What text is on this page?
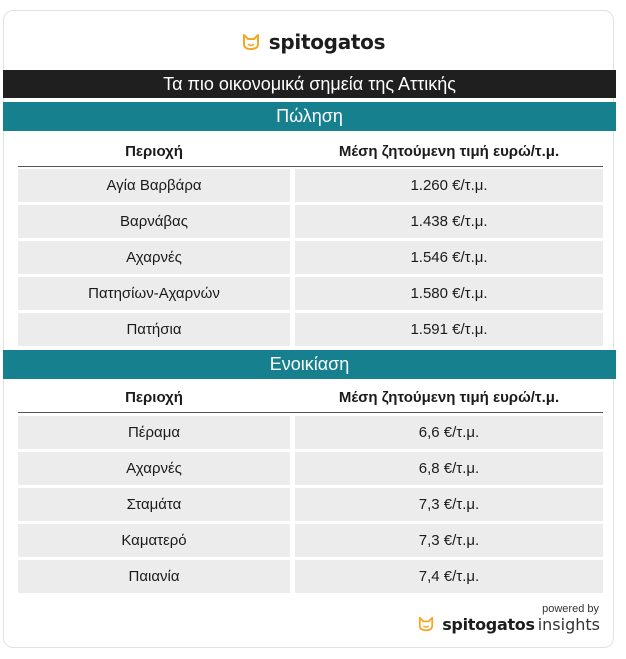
spitogatos
Τα πιο οικονομικά σημεία της Αττικής
Πώληση
Περιοχή	Μέση ζητούμενη τιμή ευρώ/τ.μ.
Αγία Βαρβάρα	1.260 €/τ.μ.
Βαρνάβας	1.438 €/τ.μ.
Αχαρνές	1.546 €/τ.μ.
Πατησίων-Αχαρνών	1.580 €/τ.μ.
Πατήσια	1.591 €/τ.μ.
Ενοικίαση
Περιοχή	Μέση ζητούμενη τιμή ευρώ/τ.μ.
Πέραμα	6,6 €/τ.μ.
Αχαρνές	6,8 €/τ.μ.
Σταμάτα	7,3 €/τ.μ.
Καματερό	7,3 €/τ.μ.
Παιανία	7,4 €/τ.μ.
powered by
spitogatos insights
